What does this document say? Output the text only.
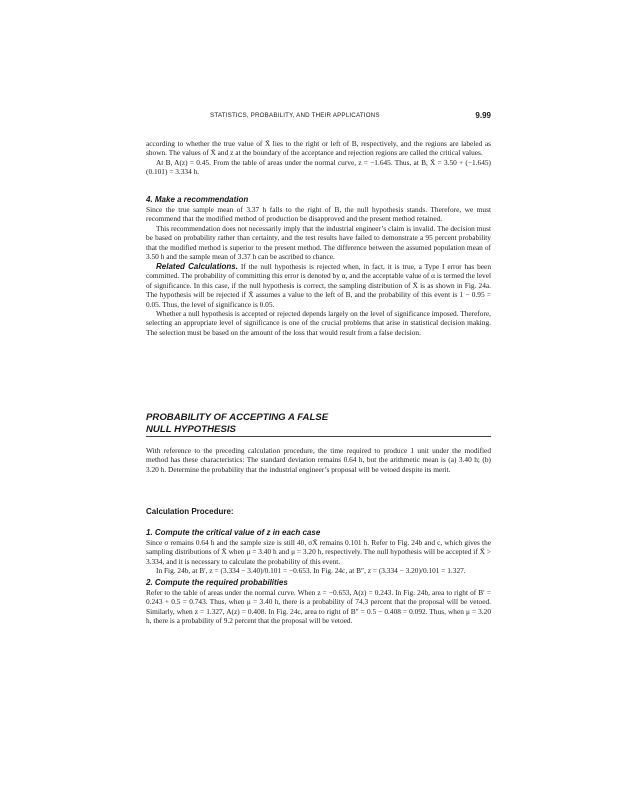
STATISTICS, PROBABILITY, AND THEIR APPLICATIONS	9.99

according to whether the true value of X̄ lies to the right or left of B, respectively, and the regions are labeled as shown. The values of X̄ and z at the boundary of the acceptance and rejection regions are called the critical values.

At B, A(z) = 0.45. From the table of areas under the normal curve, z = −1.645. Thus, at B, X̄ = 3.50 + (−1.645)(0.101) = 3.334 h.

4. Make a recommendation

Since the true sample mean of 3.37 h falls to the right of B, the null hypothesis stands. Therefore, we must recommend that the modified method of production be disapproved and the present method retained.

This recommendation does not necessarily imply that the industrial engineer’s claim is invalid. The decision must be based on probability rather than certainty, and the test results have failed to demonstrate a 95 percent probability that the modified method is superior to the present method. The difference between the assumed population mean of 3.50 h and the sample mean of 3.37 h can be ascribed to chance.

Related Calculations. If the null hypothesis is rejected when, in fact, it is true, a Type I error has been committed. The probability of committing this error is denoted by α, and the acceptable value of α is termed the level of significance. In this case, if the null hypothesis is correct, the sampling distribution of X̄ is as shown in Fig. 24a. The hypothesis will be rejected if X̄ assumes a value to the left of B, and the probability of this event is 1 − 0.95 = 0.05. Thus, the level of significance is 0.05.

Whether a null hypothesis is accepted or rejected depends largely on the level of significance imposed. Therefore, selecting an appropriate level of significance is one of the crucial problems that arise in statistical decision making. The selection must be based on the amount of the loss that would result from a false decision.

PROBABILITY OF ACCEPTING A FALSE
NULL HYPOTHESIS

With reference to the preceding calculation procedure, the time required to produce 1 unit under the modified method has these characteristics: The standard deviation remains 0.64 h, but the arithmetic mean is (a) 3.40 h; (b) 3.20 h. Determine the probability that the industrial engineer’s proposal will be vetoed despite its merit.

Calculation Procedure:
1. Compute the critical value of z in each case

Since σ remains 0.64 h and the sample size is still 40, σX̄ remains 0.101 h. Refer to Fig. 24b and c, which gives the sampling distributions of X̄ when μ = 3.40 h and μ = 3.20 h, respectively. The null hypothesis will be accepted if X̄ > 3.334, and it is necessary to calculate the probability of this event.

In Fig. 24b, at B′, z = (3.334 − 3.40)/0.101 = −0.653. In Fig. 24c, at B″, z = (3.334 − 3.20)/0.101 = 1.327.

2. Compute the required probabilities

Refer to the table of areas under the normal curve. When z = −0.653, A(z) = 0.243. In Fig. 24b, area to right of B′ = 0.243 + 0.5 = 0.743. Thus, when μ = 3.40 h, there is a probability of 74.3 percent that the proposal will be vetoed. Similarly, when z = 1.327, A(z) = 0.408. In Fig. 24c, area to right of B″ = 0.5 − 0.408 = 0.092. Thus, when μ = 3.20 h, there is a probability of 9.2 percent that the proposal will be vetoed.
